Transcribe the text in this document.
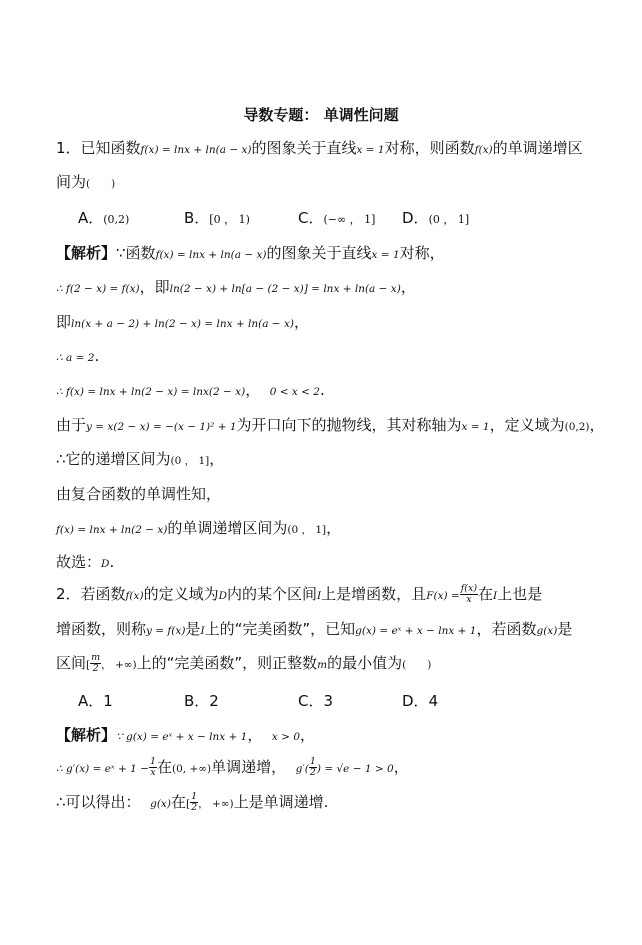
导数专题： 单调性问题
1．已知函数f(x) = lnx + ln(a − x)的图象关于直线x = 1对称，则函数f(x)的单调递增区
间为(　　)
A．(0,2)	B．[0 ， 1)	C．(−∞ ， 1] D．(0 ， 1]
【解析】∵函数f(x) = lnx + ln(a − x)的图象关于直线x = 1对称，
∴ f(2 − x) = f(x)，即ln(2 − x) + ln[a − (2 − x)] = lnx + ln(a − x)，
即ln(x + a − 2) + ln(2 − x) = lnx + ln(a − x)，
∴ a = 2.
∴ f(x) = lnx + ln(2 − x) = lnx(2 − x)， 0 < x < 2.
由于y = x(2 − x) = −(x − 1)² + 1为开口向下的抛物线，其对称轴为x = 1，定义域为(0,2)，
∴它的递增区间为(0 ， 1]，
由复合函数的单调性知，
f(x) = lnx + ln(2 − x)的单调递增区间为(0 ， 1]，
故选：D.
2．若函数f(x)的定义域为D内的某个区间I上是增函数，且$F(x) = \frac{f(x)}{x}$ 在I上也是
增函数，则称y = f(x)是I上的“完美函数”，已知g(x) = eˣ + x − lnx + 1，若函数g(x)是
区间[ $\frac{m}{2}$ ， +∞)上的“完美函数”，则正整数m的最小值为(　　)
A．1	B．2	C．3	D．4
【解析】∵ g(x) = eˣ + x − lnx + 1， x > 0，
∴ g′(x) = eˣ + $1 - \frac{1}{x}$ 在(0, +∞)单调递增， $g'( \frac{1}{2}$ ) = √e − 1 > 0，
∴可以得出： g(x)在[ $\frac{1}{2}$ ， +∞)上是单调递增.
